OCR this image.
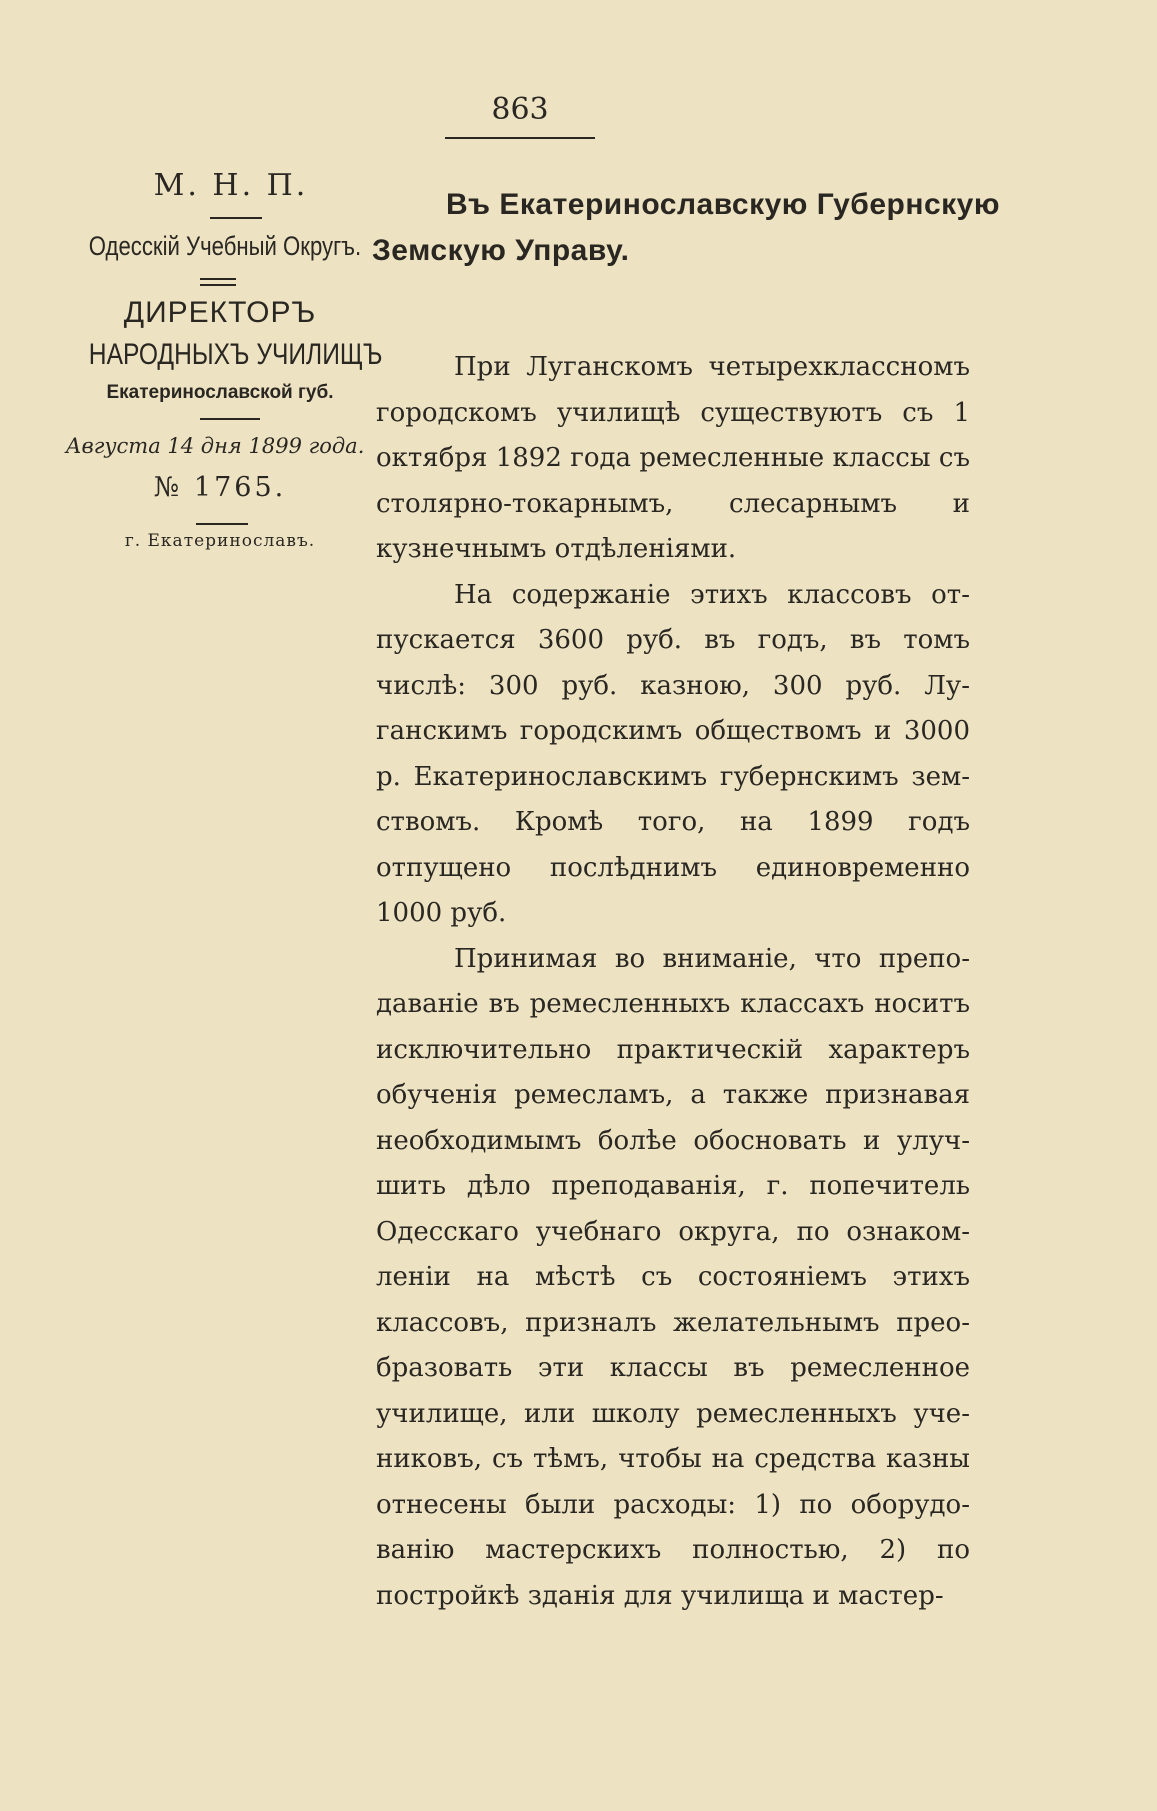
863
М. Н. П.
Одесскій Учебный Округъ.
ДИРЕКТОРЪ
НАРОДНЫХЪ УЧИЛИЩЪ
Екатеринославской губ.
Августа 14 дня 1899 года.
№ 1765.
г. Екатеринославъ.
Въ Екатеринославскую Губернскую
Земскую Управу.

При Луганскомъ четырехклассномъ городскомъ училищѣ существуютъ съ 1 октября 1892 года ремесленные классы съ столярно-токарнымъ, слесарнымъ и кузнечнымъ отдѣленіями.

На содержаніе этихъ классовъ отпускается 3600 руб. въ годъ, въ томъ числѣ: 300 руб. казною, 300 руб. Луганскимъ городскимъ обществомъ и 3000 р. Екатеринославскимъ губернскимъ земствомъ. Кромѣ того, на 1899 годъ отпущено послѣднимъ единовременно 1000 руб.

Принимая во вниманіе, что преподаваніе въ ремесленныхъ классахъ носитъ исключительно практическій характеръ обученія ремесламъ, а также признавая необходимымъ болѣе обосновать и улучшить дѣло преподаванія, г. попечитель Одесскаго учебнаго округа, по ознакомленіи на мѣстѣ съ состояніемъ этихъ классовъ, призналъ желательнымъ преобразовать эти классы въ ремесленное училище, или школу ремесленныхъ учениковъ, съ тѣмъ, чтобы на средства казны отнесены были расходы: 1) по оборудованію мастерскихъ полностью, 2) по постройкѣ зданія для училища и мастер-
